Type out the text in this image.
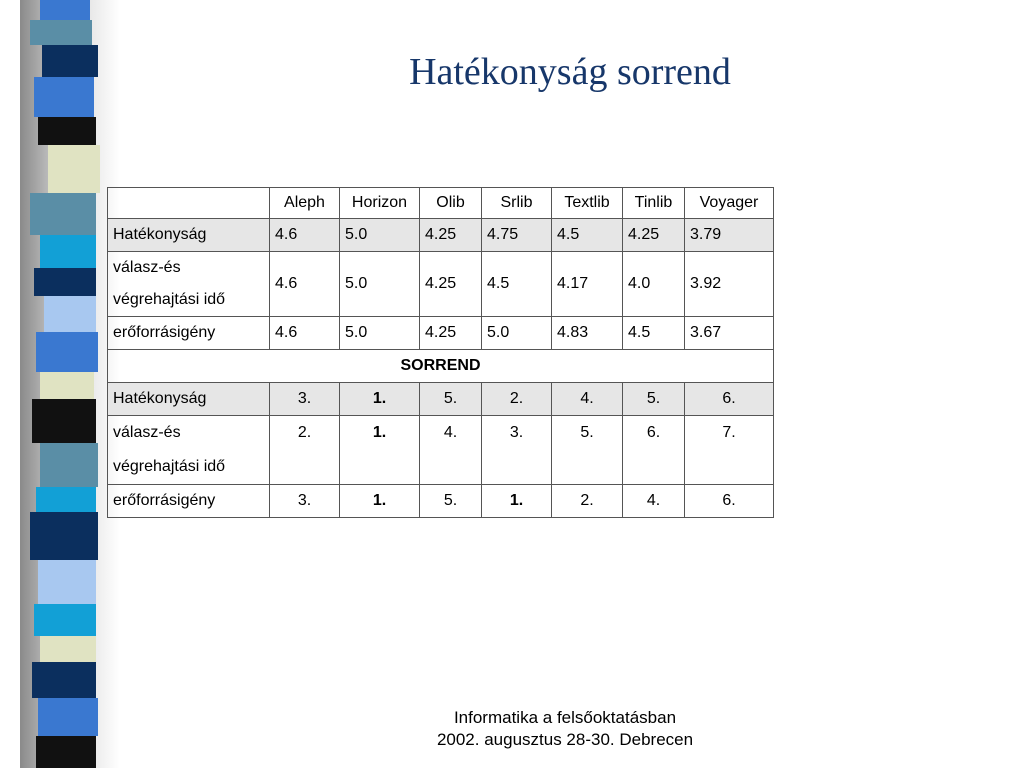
Hatékonyság sorrend
	Aleph	Horizon	Olib	Srlib	Textlib	Tinlib	Voyager
Hatékonyság	4.6	5.0	4.25	4.75	4.5	4.25	3.79

válasz-és
végrehajtási idő	4.6	5.0	4.25	4.5	4.17	4.0	3.92
erőforrásigény	4.6	5.0	4.25	5.0	4.83	4.5	3.67
SORREND							
Hatékonyság	3.	1.	5.	2.	4.	5.	6.

válasz-és
végrehajtási idő	2.	1.	4.	3.	5.	6.	7.
erőforrásigény	3.	1.	5.	1.	2.	4.	6.
Informatika a felsőoktatásban
2002. augusztus 28-30. Debrecen
